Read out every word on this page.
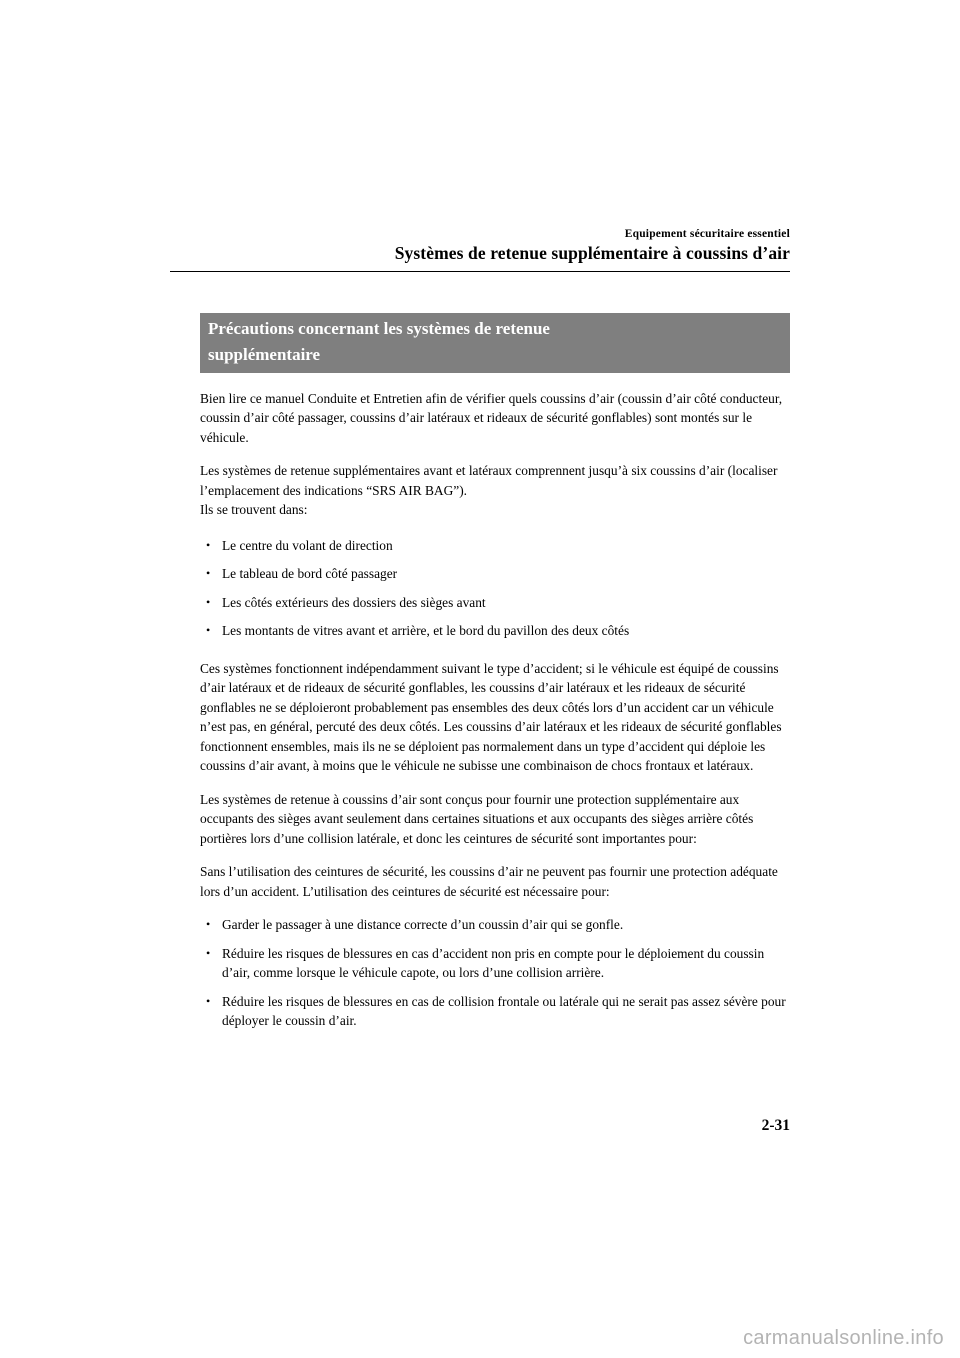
Equipement sécuritaire essentiel
Systèmes de retenue supplémentaire à coussins d’air
Précautions concernant les systèmes de retenue
supplémentaire

Bien lire ce manuel Conduite et Entretien afin de vérifier quels coussins d’air (coussin d’air côté conducteur, coussin d’air côté passager, coussins d’air latéraux et rideaux de sécurité gonflables) sont montés sur le véhicule.

Les systèmes de retenue supplémentaires avant et latéraux comprennent jusqu’à six coussins d’air (localiser l’emplacement des indications “SRS AIR BAG”).

Ils se trouvent dans:

• Le centre du volant de direction
• Le tableau de bord côté passager
• Les côtés extérieurs des dossiers des sièges avant
• Les montants de vitres avant et arrière, et le bord du pavillon des deux côtés

Ces systèmes fonctionnent indépendamment suivant le type d’accident; si le véhicule est équipé de coussins d’air latéraux et de rideaux de sécurité gonflables, les coussins d’air latéraux et les rideaux de sécurité gonflables ne se déploieront probablement pas ensembles des deux côtés lors d’un accident car un véhicule n’est pas, en général, percuté des deux côtés. Les coussins d’air latéraux et les rideaux de sécurité gonflables fonctionnent ensembles, mais ils ne se déploient pas normalement dans un type d’accident qui déploie les coussins d’air avant, à moins que le véhicule ne subisse une combinaison de chocs frontaux et latéraux.

Les systèmes de retenue à coussins d’air sont conçus pour fournir une protection supplémentaire aux occupants des sièges avant seulement dans certaines situations et aux occupants des sièges arrière côtés portières lors d’une collision latérale, et donc les ceintures de sécurité sont importantes pour:

Sans l’utilisation des ceintures de sécurité, les coussins d’air ne peuvent pas fournir une protection adéquate lors d’un accident. L’utilisation des ceintures de sécurité est nécessaire pour:

• Garder le passager à une distance correcte d’un coussin d’air qui se gonfle.
• Réduire les risques de blessures en cas d’accident non pris en compte pour le déploiement du coussin d’air, comme lorsque le véhicule capote, ou lors d’une collision arrière.
• Réduire les risques de blessures en cas de collision frontale ou latérale qui ne serait pas assez sévère pour déployer le coussin d’air.
2-31
carmanualsonline.info
